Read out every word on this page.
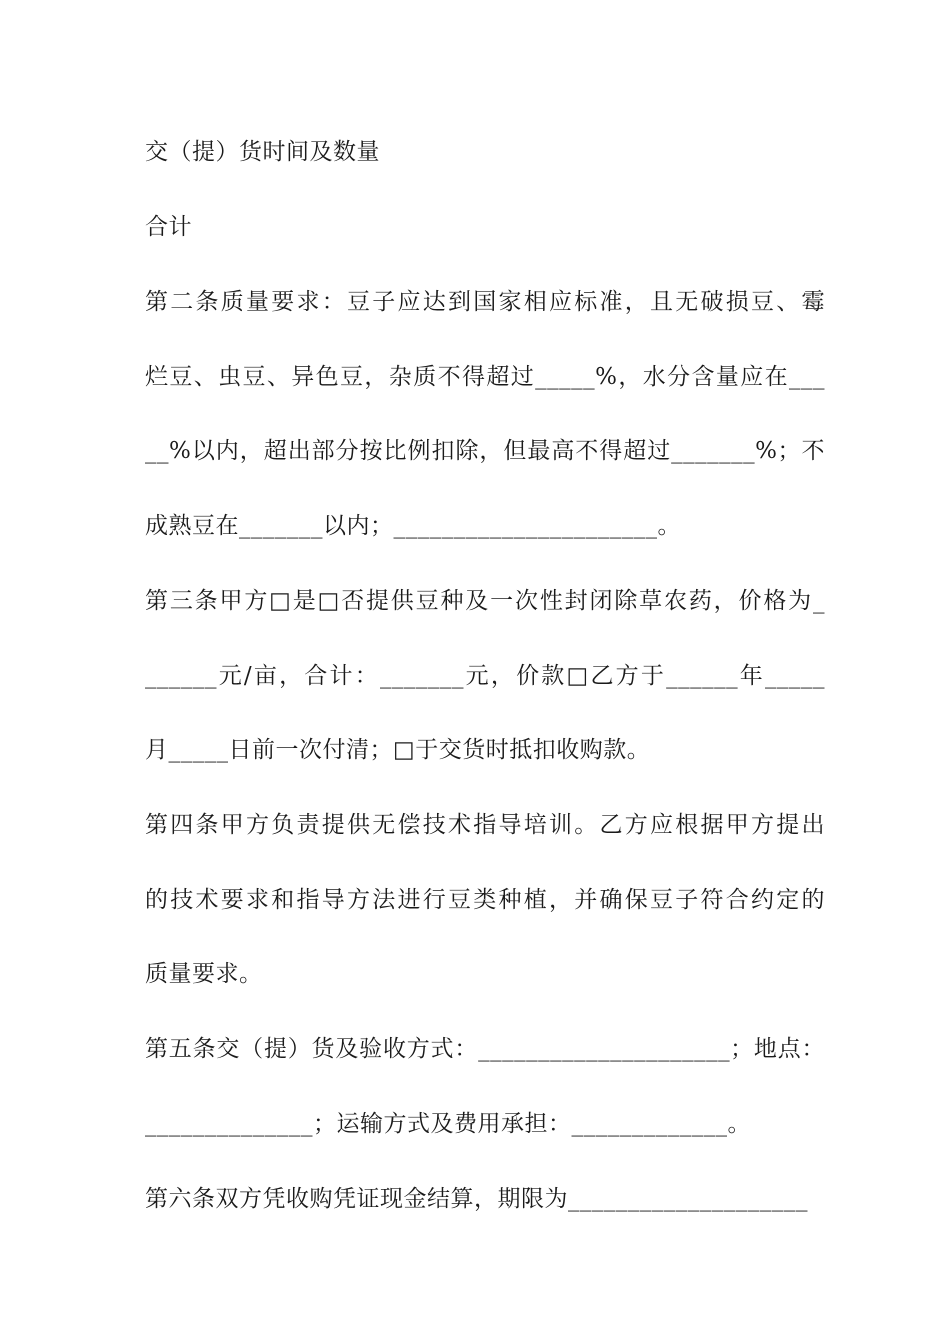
交（提）货时间及数量
合计
第二条质量要求：豆子应达到国家相应标准，且无破损豆、霉
烂豆、虫豆、异色豆，杂质不得超过_____%，水分含量应在___
__%以内，超出部分按比例扣除，但最高不得超过_______%；不
成熟豆在_______以内；______________________。
第三条甲方□是□否提供豆种及一次性封闭除草农药，价格为_
______元/亩，合计：_______元，价款□乙方于______年_____
月_____日前一次付清；□于交货时抵扣收购款。
第四条甲方负责提供无偿技术指导培训。乙方应根据甲方提出
的技术要求和指导方法进行豆类种植，并确保豆子符合约定的
质量要求。
第五条交（提）货及验收方式：_____________________；地点：
______________；运输方式及费用承担：_____________。
第六条双方凭收购凭证现金结算，期限为____________________
